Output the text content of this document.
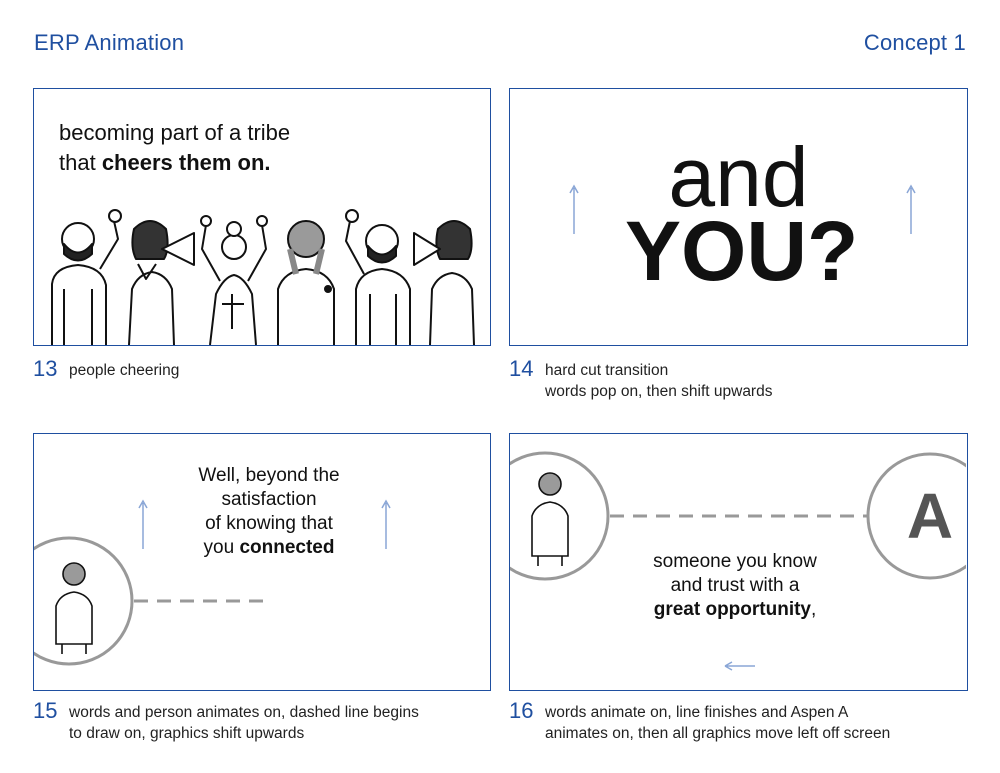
ERP Animation	Concept 1
becoming part of a tribe
that cheers them on.
13 people cheering
and
YOU?
14 hard cut transition
words pop on, then shift upwards
Well, beyond the
satisfaction
of knowing that
you connected
15 words and person animates on, dashed line begins
to draw on, graphics shift upwards
A
someone you know
and trust with a
great opportunity,
16 words animate on, line finishes and Aspen A
animates on, then all graphics move left off screen
